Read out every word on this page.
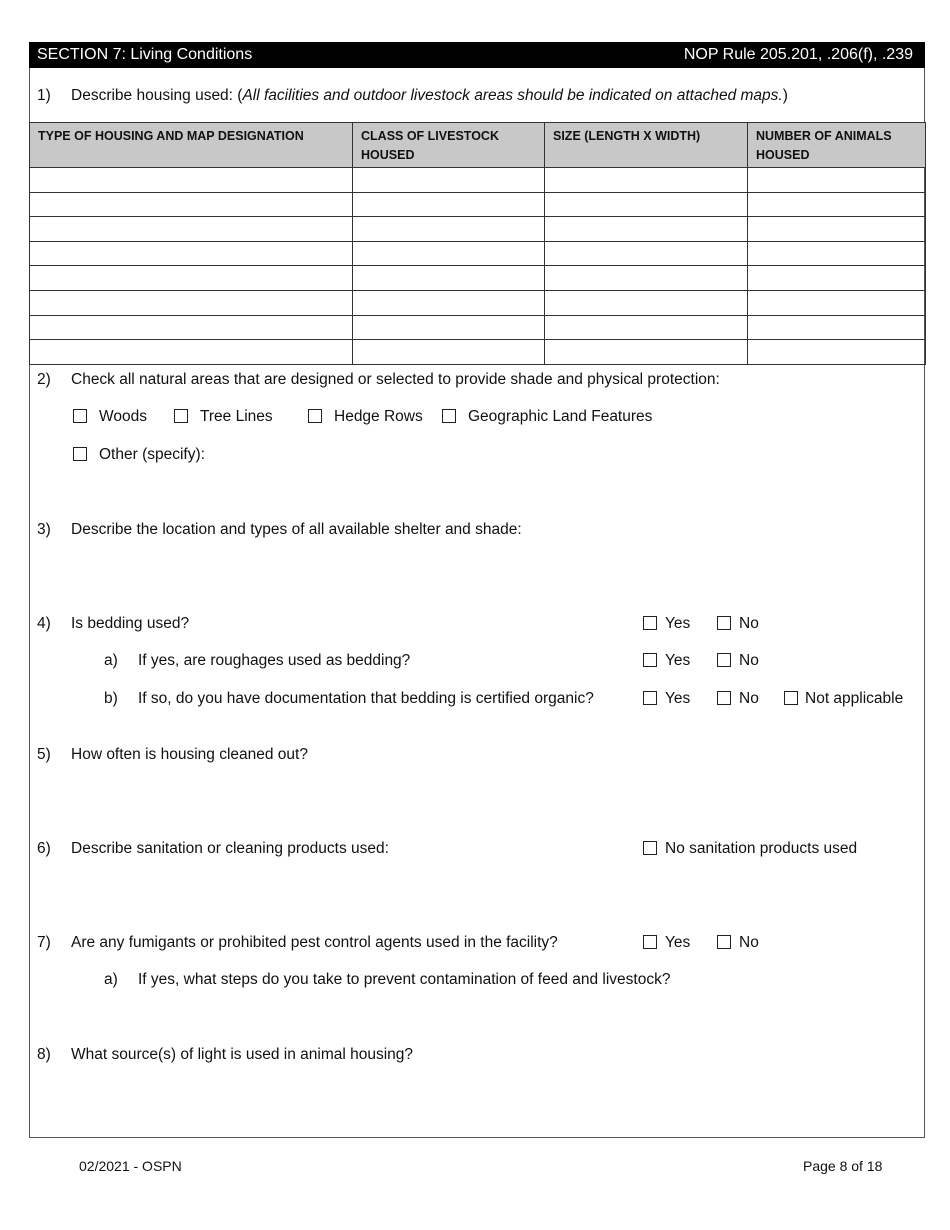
SECTION 7: Living Conditions	NOP Rule 205.201, .206(f), .239
1) Describe housing used: (All facilities and outdoor livestock areas should be indicated on attached maps.)
TYPE OF HOUSING AND MAP DESIGNATION	CLASS OF LIVESTOCK HOUSED	SIZE (LENGTH X WIDTH)	NUMBER OF ANIMALS HOUSED

2) Check all natural areas that are designed or selected to provide shade and physical protection:
Woods	Tree Lines	Hedge Rows	Geographic Land Features
Other (specify):
3) Describe the location and types of all available shelter and shade:
4) Is bedding used?	Yes	No
a) If yes, are roughages used as bedding?	Yes	No
b) If so, do you have documentation that bedding is certified organic?	Yes	No	Not applicable
5) How often is housing cleaned out?
6) Describe sanitation or cleaning products used:	No sanitation products used
7) Are any fumigants or prohibited pest control agents used in the facility?	Yes	No
a) If yes, what steps do you take to prevent contamination of feed and livestock?
8) What source(s) of light is used in animal housing?
02/2021 - OSPN	Page 8 of 18
